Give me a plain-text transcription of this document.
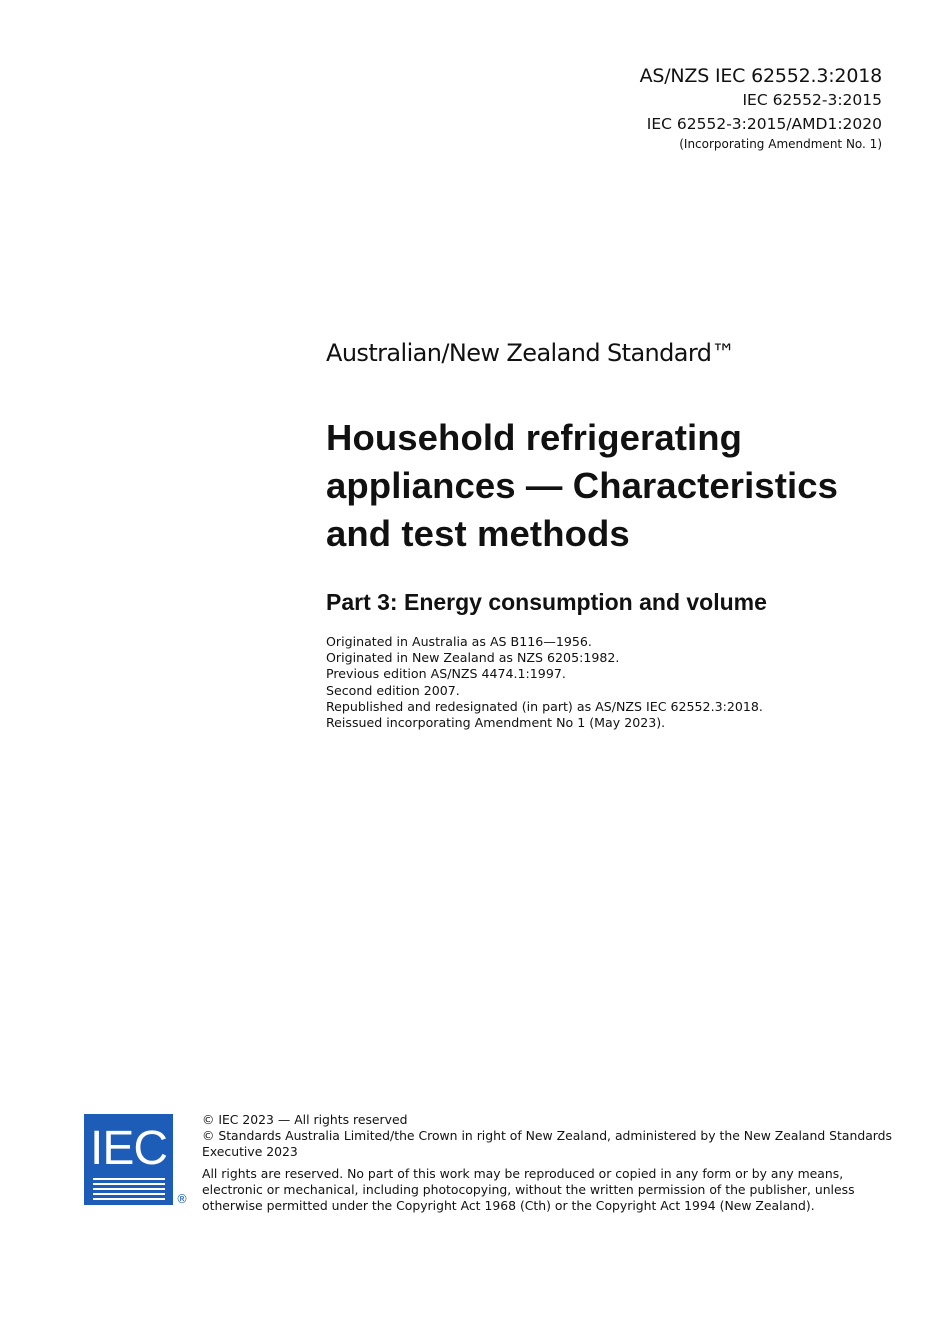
AS/NZS IEC 62552.3:2018
IEC 62552-3:2015
IEC 62552-3:2015/AMD1:2020
(Incorporating Amendment No. 1)
Australian/New Zealand Standard™
Household refrigerating appliances — Characteristics and test methods
Part 3: Energy consumption and volume
Originated in Australia as AS B116—1956.
Originated in New Zealand as NZS 6205:1982.
Previous edition AS/NZS 4474.1:1997.
Second edition 2007.
Republished and redesignated (in part) as AS/NZS IEC 62552.3:2018.
Reissued incorporating Amendment No 1 (May 2023).
IEC
®

© IEC 2023 — All rights reserved

© Standards Australia Limited/the Crown in right of New Zealand, administered by the New Zealand Standards Executive 2023

All rights are reserved. No part of this work may be reproduced or copied in any form or by any means, electronic or mechanical, including photocopying, without the written permission of the publisher, unless otherwise permitted under the Copyright Act 1968 (Cth) or the Copyright Act 1994 (New Zealand).
